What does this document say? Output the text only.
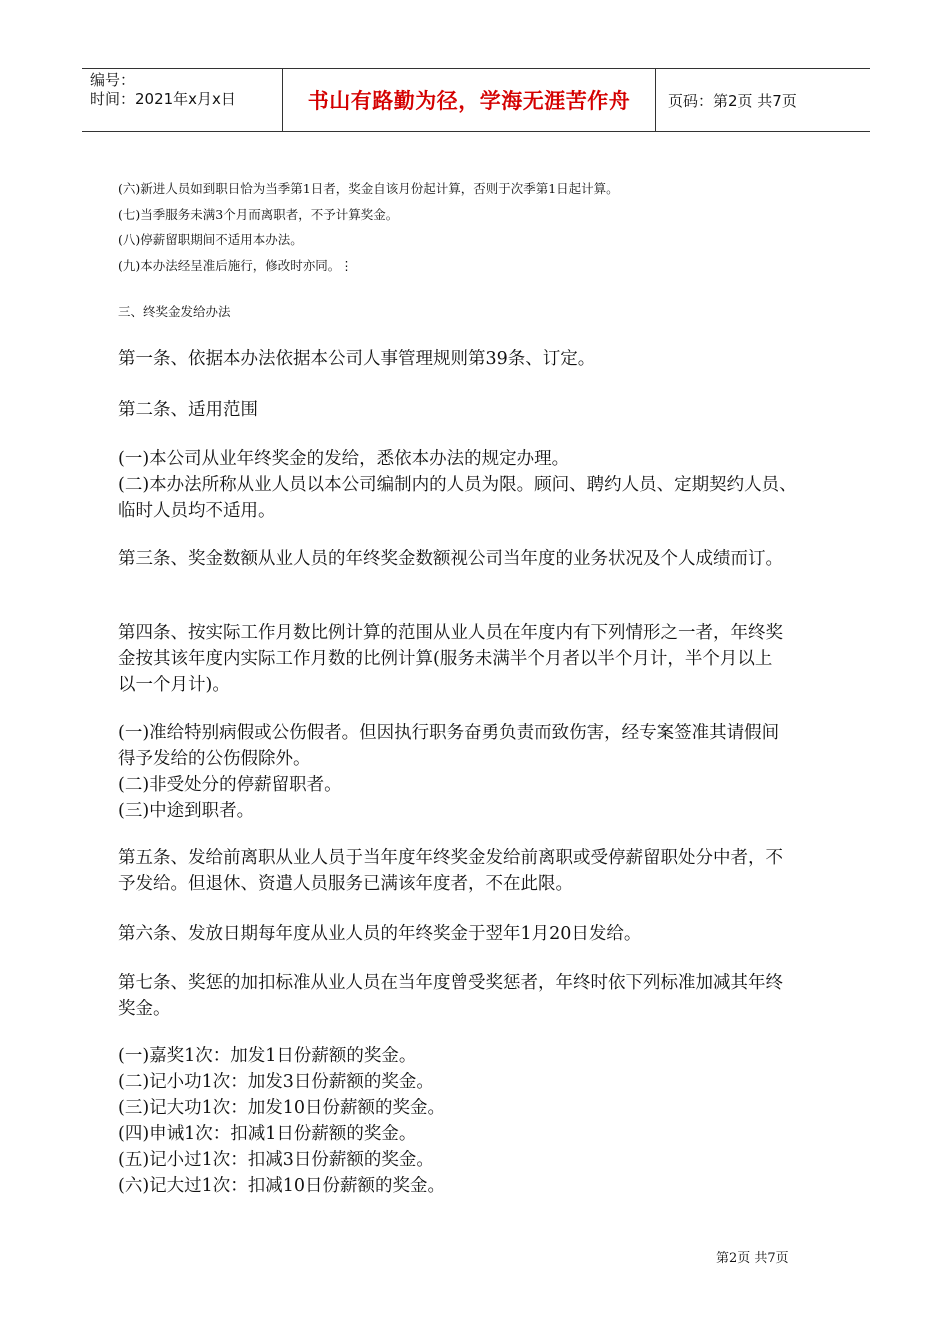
编号：
时间：2021年x月x日	书山有路勤为径，学海无涯苦作舟	页码：第2页 共7页
(六)新进人员如到职日恰为当季第1日者，奖金自该月份起计算，否则于次季第1日起计算。
(七)当季服务未满3个月而离职者，不予计算奖金。
(八)停薪留职期间不适用本办法。
(九)本办法经呈准后施行，修改时亦同。⋮
三、终奖金发给办法
第一条、依据本办法依据本公司人事管理规则第39条、订定。
第二条、适用范围
(一)本公司从业年终奖金的发给，悉依本办法的规定办理。
(二)本办法所称从业人员以本公司编制内的人员为限。顾问、聘约人员、定期契约人员、
临时人员均不适用。
第三条、奖金数额从业人员的年终奖金数额视公司当年度的业务状况及个人成绩而订。
第四条、按实际工作月数比例计算的范围从业人员在年度内有下列情形之一者，年终奖
金按其该年度内实际工作月数的比例计算(服务未满半个月者以半个月计，半个月以上
以一个月计)。
(一)准给特别病假或公伤假者。但因执行职务奋勇负责而致伤害，经专案签准其请假间
得予发给的公伤假除外。
(二)非受处分的停薪留职者。
(三)中途到职者。
第五条、发给前离职从业人员于当年度年终奖金发给前离职或受停薪留职处分中者，不
予发给。但退休、资遣人员服务已满该年度者，不在此限。
第六条、发放日期每年度从业人员的年终奖金于翌年1月20日发给。
第七条、奖惩的加扣标准从业人员在当年度曾受奖惩者，年终时依下列标准加减其年终
奖金。
(一)嘉奖1次：加发1日份薪额的奖金。
(二)记小功1次：加发3日份薪额的奖金。
(三)记大功1次：加发10日份薪额的奖金。
(四)申诫1次：扣减1日份薪额的奖金。
(五)记小过1次：扣减3日份薪额的奖金。
(六)记大过1次：扣减10日份薪额的奖金。
第2页 共7页
